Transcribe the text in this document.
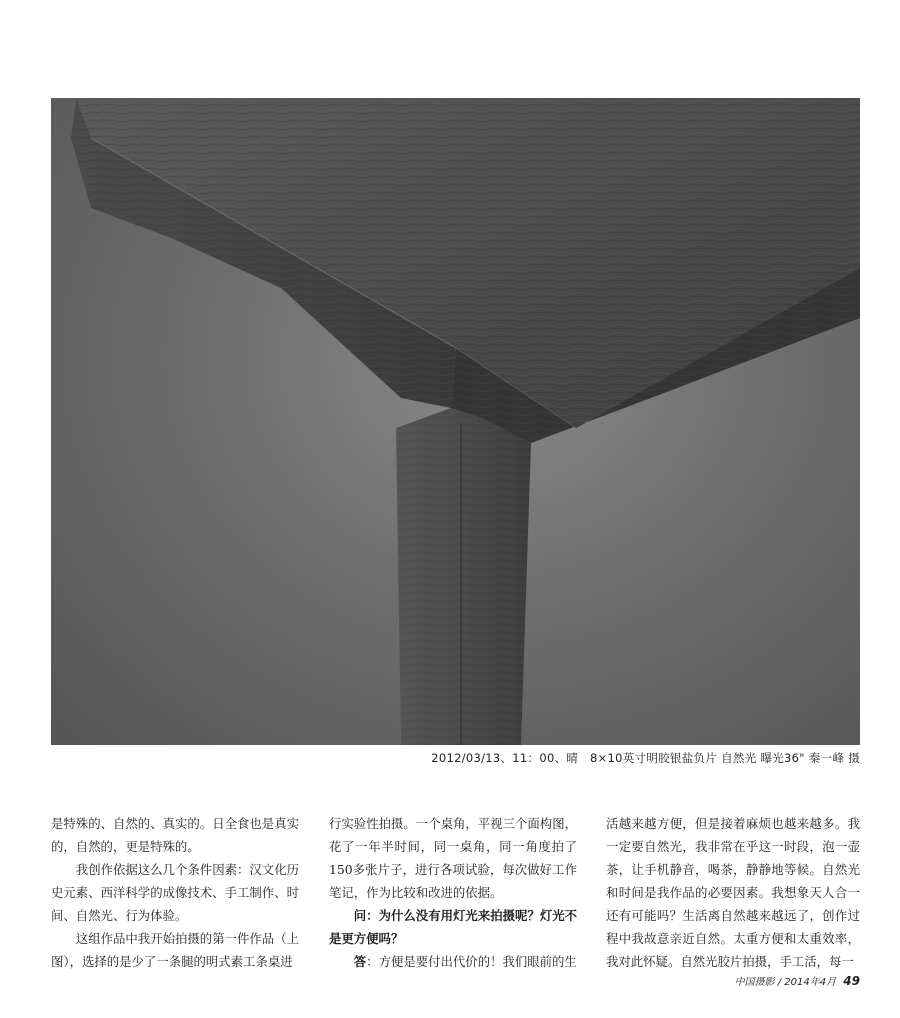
2012/03/13、11：00、晴　8×10英寸明胶银盐负片 自然光 曝光36" 秦一峰 摄

是特殊的、自然的、真实的。日全食也是真实的，自然的，更是特殊的。

我创作依据这么几个条件因素：汉文化历史元素、西洋科学的成像技术、手工制作、时间、自然光、行为体验。

这组作品中我开始拍摄的第一件作品（上图），选择的是少了一条腿的明式素工条桌进

行实验性拍摄。一个桌角，平视三个面构图，花了一年半时间，同一桌角，同一角度拍了150多张片子，进行各项试验，每次做好工作笔记，作为比较和改进的依据。

问：为什么没有用灯光来拍摄呢？灯光不是更方便吗？

答：方便是要付出代价的！我们眼前的生

活越来越方便，但是接着麻烦也越来越多。我一定要自然光，我非常在乎这一时段，泡一壶茶，让手机静音，喝茶，静静地等候。自然光和时间是我作品的必要因素。我想象天人合一还有可能吗？生活离自然越来越远了，创作过程中我故意亲近自然。太重方便和太重效率，我对此怀疑。自然光胶片拍摄，手工活，每一

中国摄影 / 2014年4月 49
